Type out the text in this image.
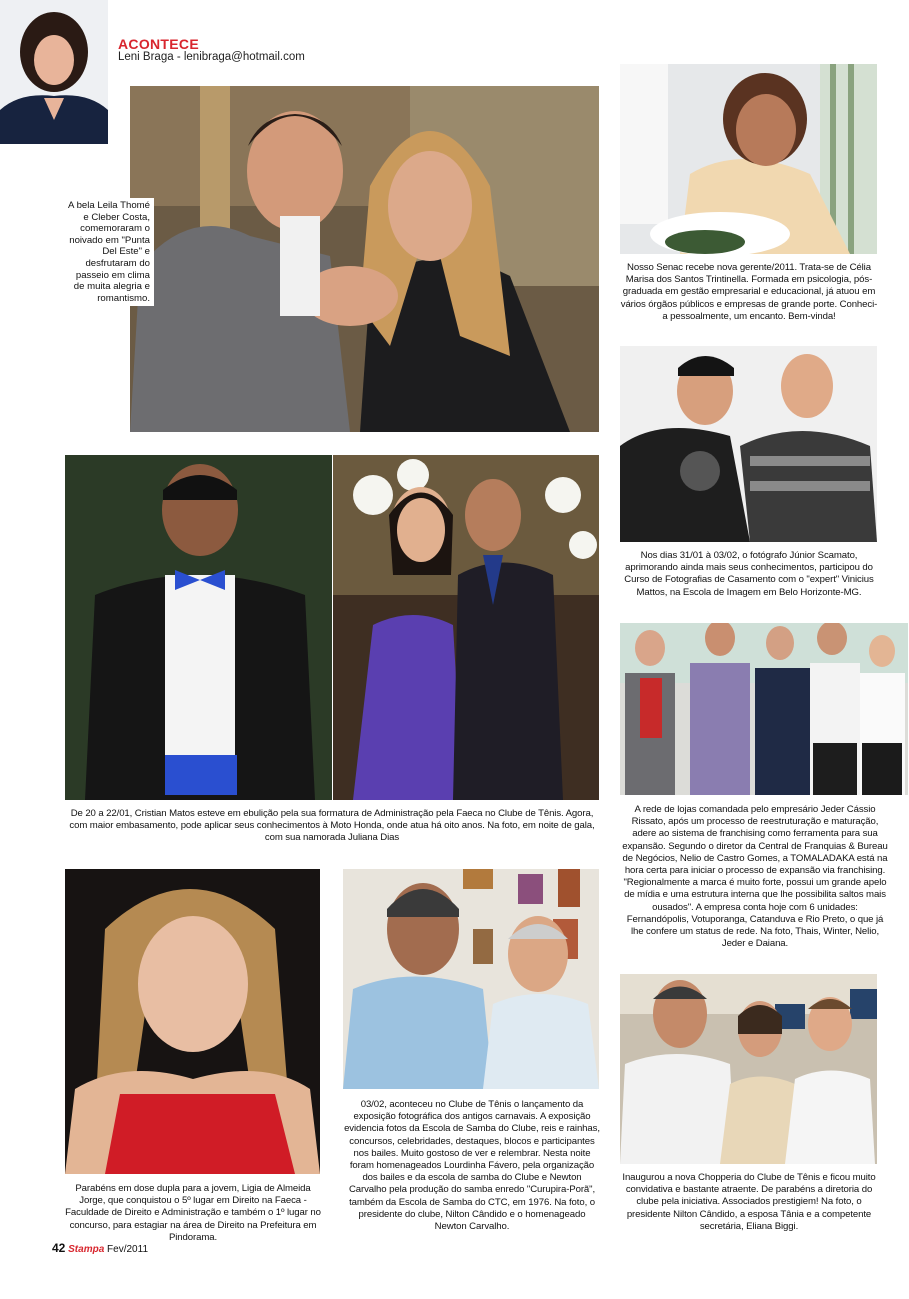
ACONTECE
Leni Braga - lenibraga@hotmail.com
A bela Leila Thomé e Cleber Costa, comemoraram o noivado em "Punta Del Este" e desfrutaram do passeio em clima de muita alegria e romantismo.
Nosso Senac recebe nova gerente/2011. Trata-se de Célia Marisa dos Santos Trintinella. Formada em psicologia, pós-graduada em gestão empresarial e educacional, já atuou em vários órgãos públicos e empresas de grande porte. Conheci-a pessoalmente, um encanto. Bem-vinda!
Nos dias 31/01 à 03/02, o fotógrafo Júnior Scamato, aprimorando ainda mais seus conhecimentos, participou do Curso de Fotografias de Casamento com o "expert" Vinicius Mattos, na Escola de Imagem em Belo Horizonte-MG.
De 20 a 22/01, Cristian Matos esteve em ebulição pela sua formatura de Administração pela Faeca no Clube de Tênis. Agora, com maior embasamento, pode aplicar seus conhecimentos à Moto Honda, onde atua há oito anos. Na foto, em noite de gala, com sua namorada Juliana Dias
A rede de lojas comandada pelo empresário Jeder Cássio Rissato, após um processo de reestruturação e maturação, adere ao sistema de franchising como ferramenta para sua expansão. Segundo o diretor da Central de Franquias & Bureau de Negócios, Nelio de Castro Gomes, a TOMALADAKA está na hora certa para iniciar o processo de expansão via franchising. "Regionalmente a marca é muito forte, possui um grande apelo de mídia e uma estrutura interna que lhe possibilita saltos mais ousados". A empresa conta hoje com 6 unidades: Fernandópolis, Votuporanga, Catanduva e Rio Preto, o que já lhe confere um status de rede. Na foto, Thais, Winter, Nelio, Jeder e Daiana.
Parabéns em dose dupla para a jovem, Ligia de Almeida Jorge, que conquistou o 5º lugar em Direito na Faeca - Faculdade de Direito e Administração e também o 1º lugar no concurso, para estagiar na área de Direito na Prefeitura em Pindorama.
03/02, aconteceu no Clube de Tênis o lançamento da exposição fotográfica dos antigos carnavais. A exposição evidencia fotos da Escola de Samba do Clube, reis e rainhas, concursos, celebridades, destaques, blocos e participantes nos bailes. Muito gostoso de ver e relembrar. Nesta noite foram homenageados Lourdinha Fávero, pela organização dos bailes e da escola de samba do Clube e Newton Carvalho pela produção do samba enredo "Curupira-Porã", também da Escola de Samba do CTC, em 1976. Na foto, o presidente do clube, Nilton Cândido e o homenageado Newton Carvalho.
Inaugurou a nova Chopperia do Clube de Tênis e ficou muito convidativa e bastante atraente. De parabéns a diretoria do clube pela iniciativa. Associados prestigiem! Na foto, o presidente Nilton Cândido, a esposa Tânia e a competente secretária, Eliana Biggi.
42 Stampa Fev/2011
